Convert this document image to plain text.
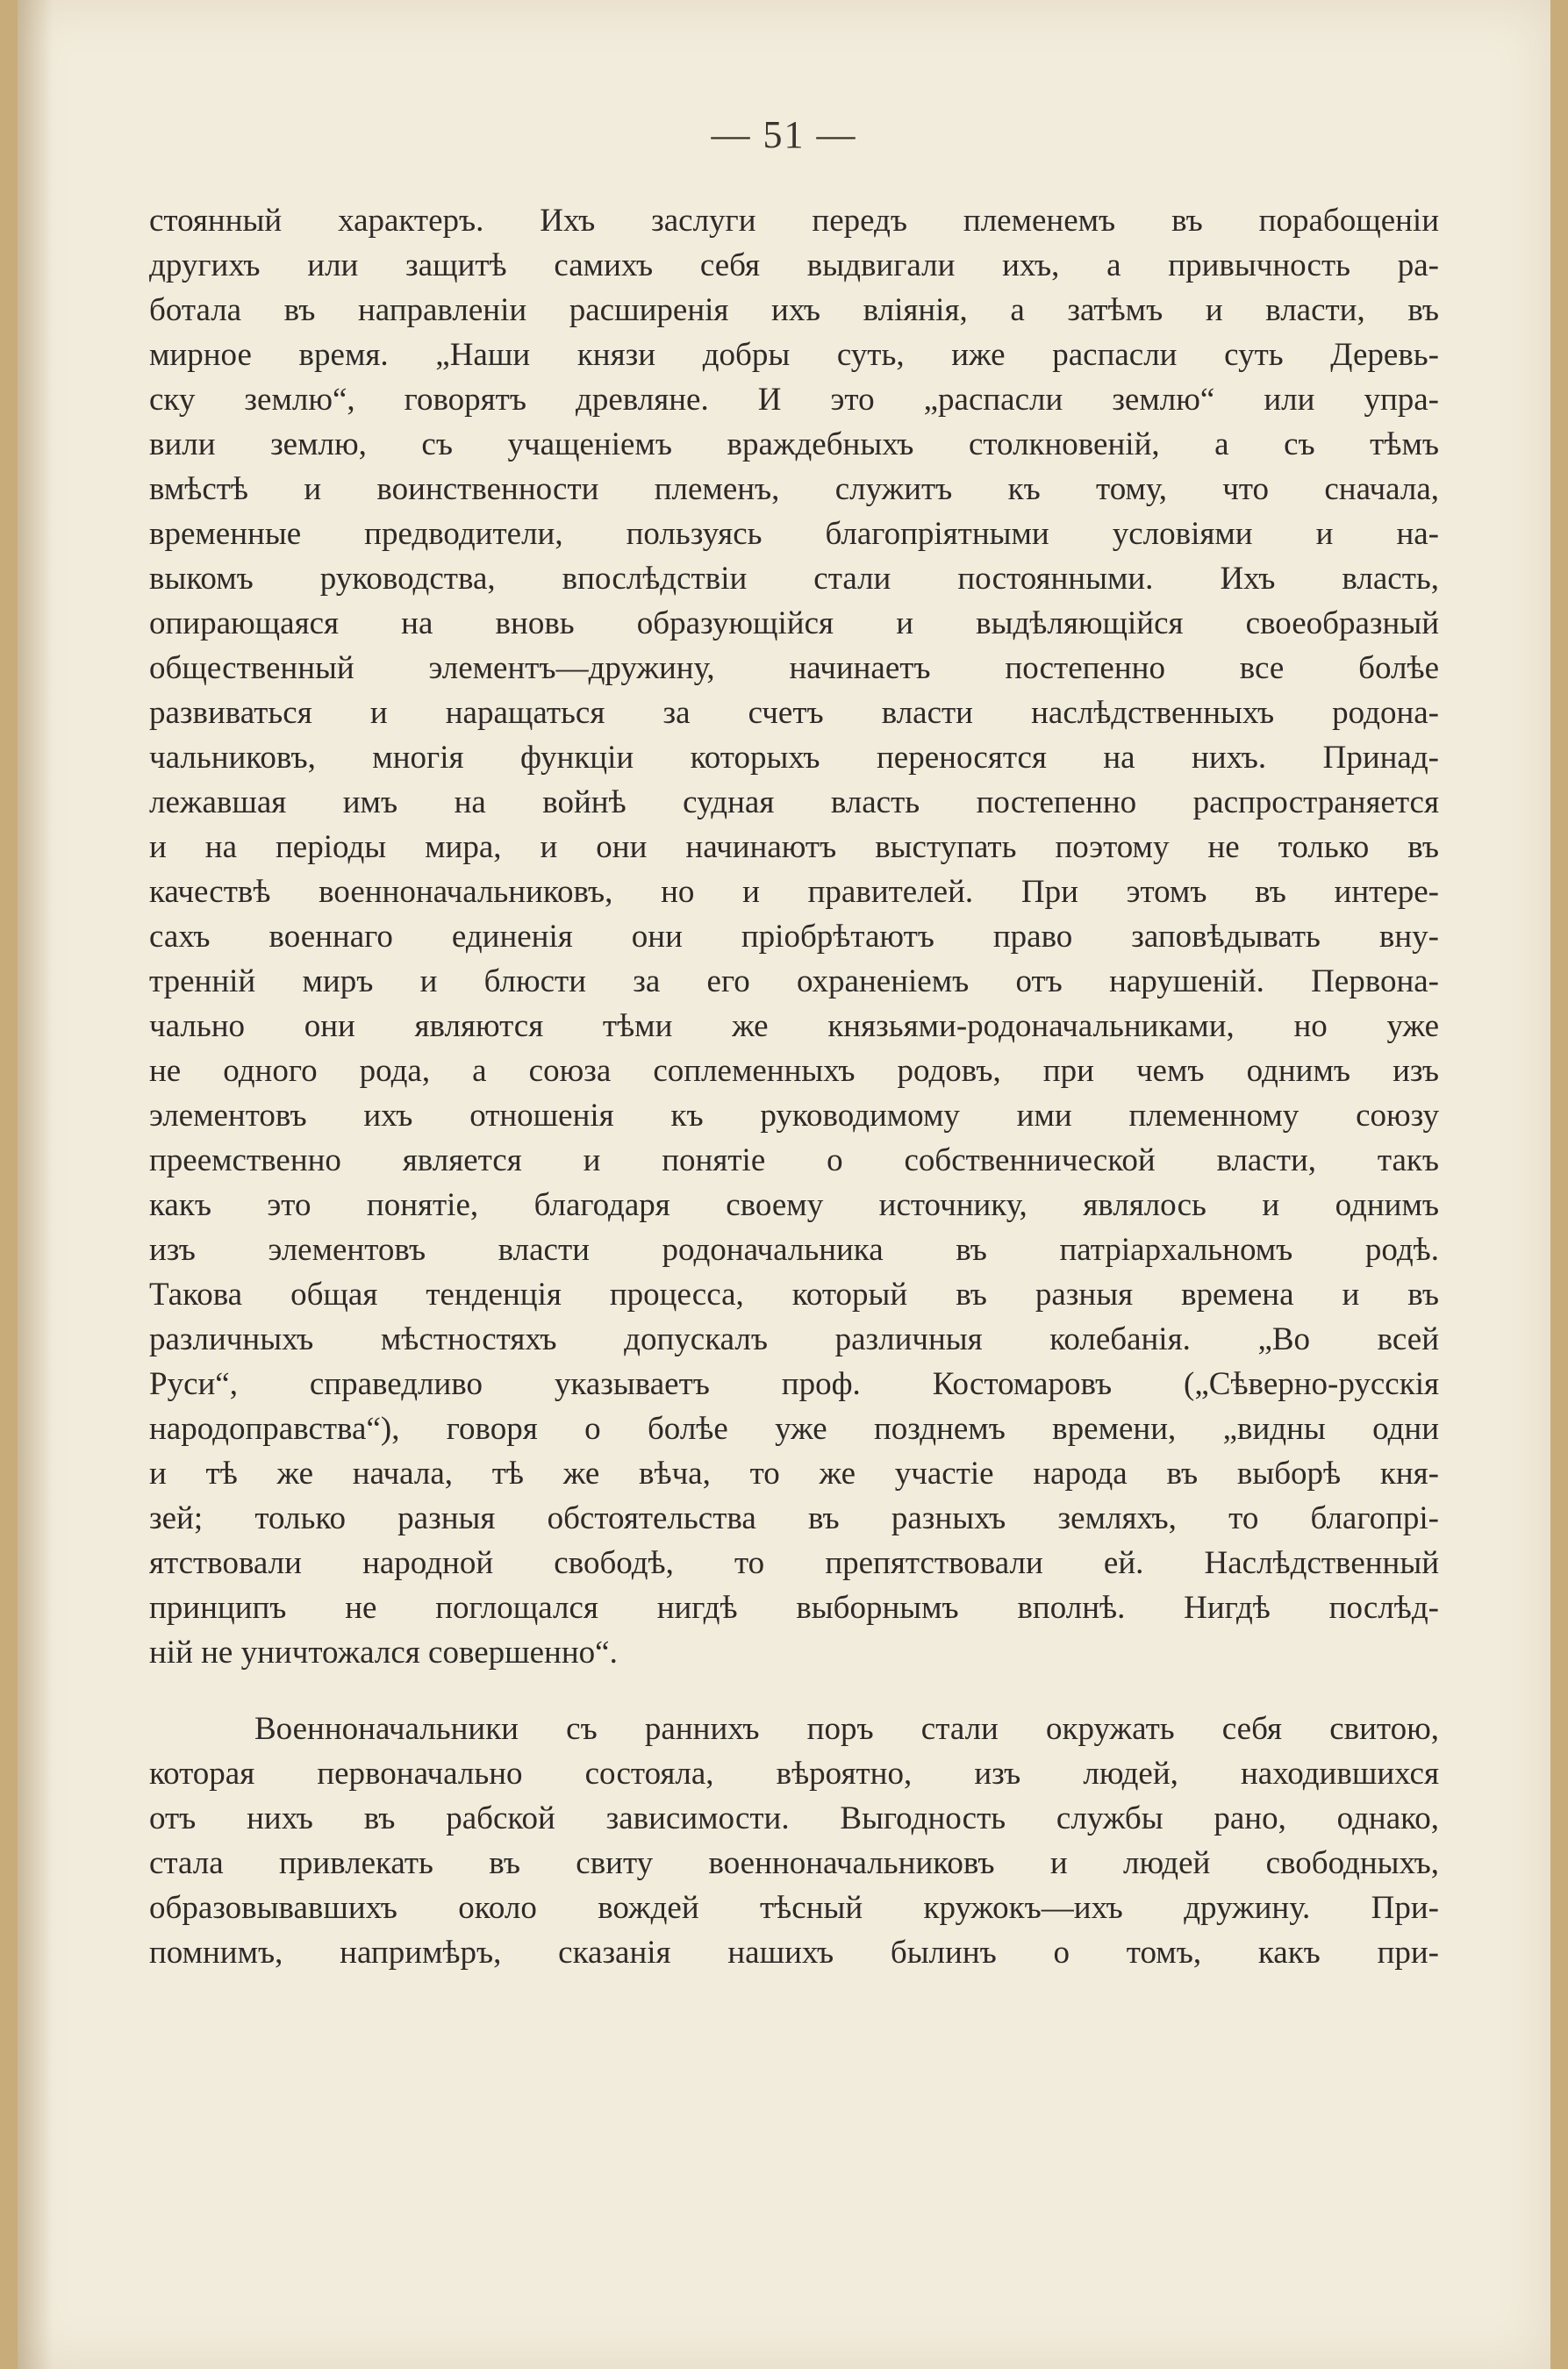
— 51 —
стоянный характеръ. Ихъ заслуги передъ племенемъ въ порабощеніи
другихъ или защитѣ самихъ себя выдвигали ихъ, а привычность ра-
ботала въ направленіи расширенія ихъ вліянія, а затѣмъ и власти, въ
мирное время. „Наши князи добры суть, иже распасли суть Деревь-
ску землю“, говорятъ древляне. И это „распасли землю“ или упра-
вили землю, съ учащеніемъ враждебныхъ столкновеній, а съ тѣмъ
вмѣстѣ и воинственности племенъ, служитъ къ тому, что сначала,
временные предводители, пользуясь благопріятными условіями и на-
выкомъ руководства, впослѣдствіи стали постоянными. Ихъ власть,
опирающаяся на вновь образующійся и выдѣляющійся своеобразный
общественный элементъ—дружину, начинаетъ постепенно все болѣе
развиваться и наращаться за счетъ власти наслѣдственныхъ родона-
чальниковъ, многія функціи которыхъ переносятся на нихъ. Принад-
лежавшая имъ на войнѣ судная власть постепенно распространяется
и на періоды мира, и они начинаютъ выступать поэтому не только въ
качествѣ военноначальниковъ, но и правителей. При этомъ въ интере-
сахъ военнаго единенія они пріобрѣтаютъ право заповѣдывать вну-
тренній миръ и блюсти за его охраненіемъ отъ нарушеній. Первона-
чально они являются тѣми же князьями-родоначальниками, но уже
не одного рода, а союза соплеменныхъ родовъ, при чемъ однимъ изъ
элементовъ ихъ отношенія къ руководимому ими племенному союзу
преемственно является и понятіе о собственнической власти, такъ
какъ это понятіе, благодаря своему источнику, являлось и однимъ
изъ элементовъ власти родоначальника въ патріархальномъ родѣ.
Такова общая тенденція процесса, который въ разныя времена и въ
различныхъ мѣстностяхъ допускалъ различныя колебанія. „Во всей
Руси“, справедливо указываетъ проф. Костомаровъ („Сѣверно-русскія
народоправства“), говоря о болѣе уже позднемъ времени, „видны одни
и тѣ же начала, тѣ же вѣча, то же участіе народа въ выборѣ кня-
зей; только разныя обстоятельства въ разныхъ земляхъ, то благопрі-
ятствовали народной свободѣ, то препятствовали ей. Наслѣдственный
принципъ не поглощался нигдѣ выборнымъ вполнѣ. Нигдѣ послѣд-
ній не уничтожался совершенно“.
Военноначальники съ раннихъ поръ стали окружать себя свитою,
которая первоначально состояла, вѣроятно, изъ людей, находившихся
отъ нихъ въ рабской зависимости. Выгодность службы рано, однако,
стала привлекать въ свиту военноначальниковъ и людей свободныхъ,
образовывавшихъ около вождей тѣсный кружокъ—ихъ дружину. При-
помнимъ, напримѣръ, сказанія нашихъ былинъ о томъ, какъ при-
